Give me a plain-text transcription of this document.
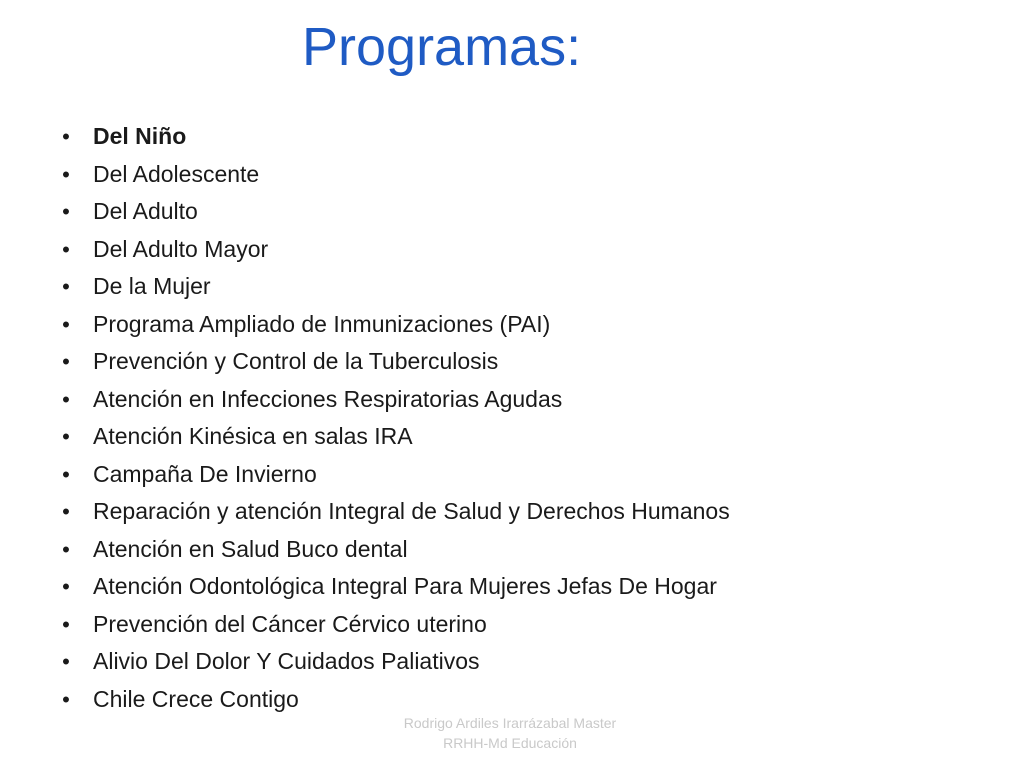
Programas:
• Del Niño
• Del Adolescente
• Del Adulto
• Del Adulto Mayor
• De la Mujer
• Programa Ampliado de Inmunizaciones (PAI)
• Prevención y Control de la Tuberculosis
• Atención en Infecciones Respiratorias Agudas
• Atención Kinésica en salas IRA
• Campaña De Invierno
• Reparación y atención Integral de Salud y Derechos Humanos
• Atención en Salud Buco dental
• Atención Odontológica Integral Para Mujeres Jefas De Hogar
• Prevención del Cáncer Cérvico uterino
• Alivio Del Dolor Y Cuidados Paliativos
• Chile Crece Contigo
Rodrigo Ardiles Irarrázabal Master
RRHH-Md Educación
